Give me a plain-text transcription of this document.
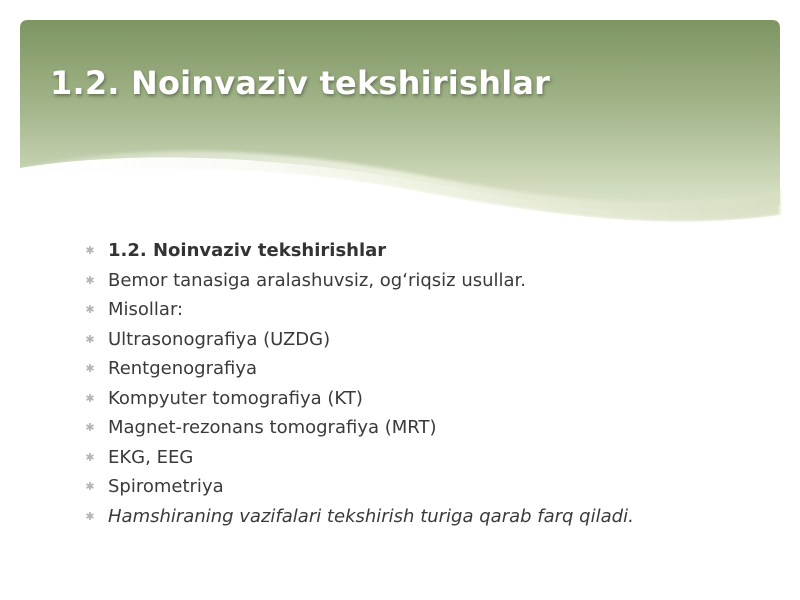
1.2. Noinvaziv tekshirishlar
✱ 1.2. Noinvaziv tekshirishlar
✱ Bemor tanasiga aralashuvsiz, og‘riqsiz usullar.
✱ Misollar:
✱ Ultrasonografiya (UZDG)
✱ Rentgenografiya
✱ Kompyuter tomografiya (KT)
✱ Magnet-rezonans tomografiya (MRT)
✱ EKG, EEG
✱ Spirometriya
✱ Hamshiraning vazifalari tekshirish turiga qarab farq qiladi.
